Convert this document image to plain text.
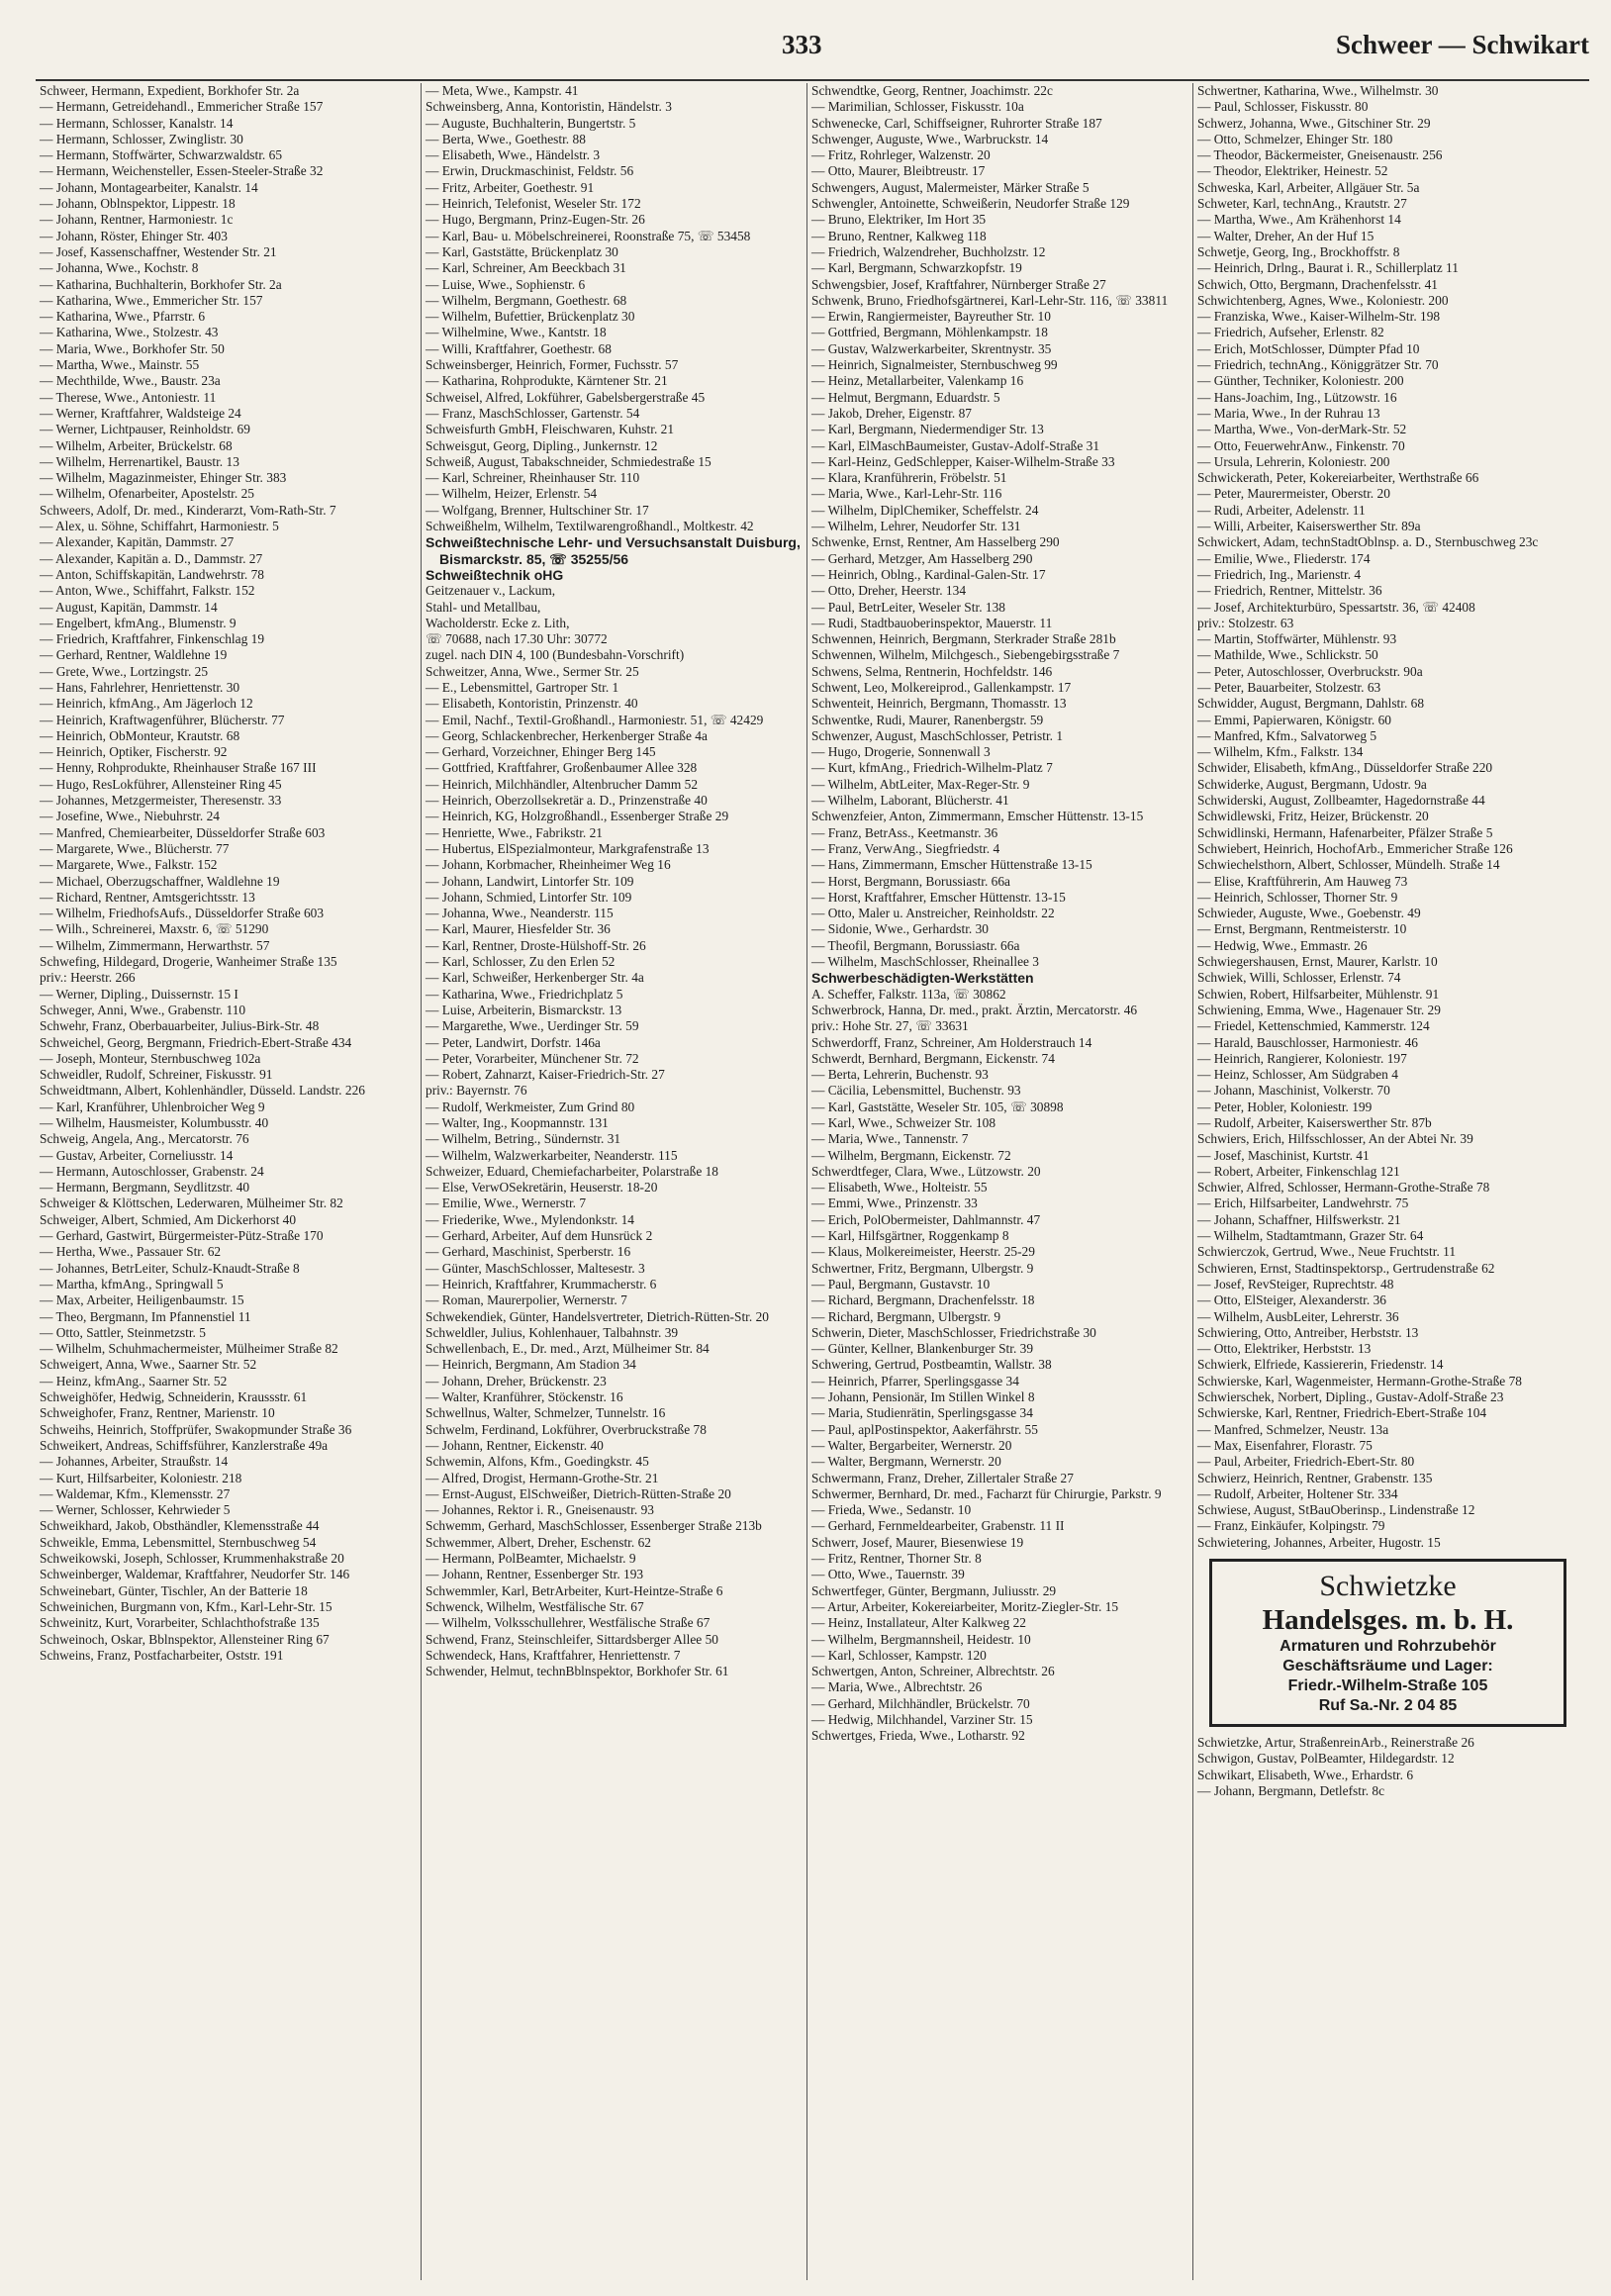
333	Schweer — Schwikart
Schweer, Hermann, Expedient, Borkhofer Str. 2a
— Hermann, Getreidehandl., Emmericher Straße 157
— Hermann, Schlosser, Kanalstr. 14
— Hermann, Schlosser, Zwinglistr. 30
— Hermann, Stoffwärter, Schwarzwaldstr. 65
— Hermann, Weichensteller, Essen-Steeler-Straße 32
— Johann, Montagearbeiter, Kanalstr. 14
— Johann, Oblnspektor, Lippestr. 18
— Johann, Rentner, Harmoniestr. 1c
— Johann, Röster, Ehinger Str. 403
— Josef, Kassenschaffner, Westender Str. 21
— Johanna, Wwe., Kochstr. 8
— Katharina, Buchhalterin, Borkhofer Str. 2a
— Katharina, Wwe., Emmericher Str. 157
— Katharina, Wwe., Pfarrstr. 6
— Katharina, Wwe., Stolzestr. 43
— Maria, Wwe., Borkhofer Str. 50
— Martha, Wwe., Mainstr. 55
— Mechthilde, Wwe., Baustr. 23a
— Therese, Wwe., Antoniestr. 11
— Werner, Kraftfahrer, Waldsteige 24
— Werner, Lichtpauser, Reinholdstr. 69
— Wilhelm, Arbeiter, Brückelstr. 68
— Wilhelm, Herrenartikel, Baustr. 13
— Wilhelm, Magazinmeister, Ehinger Str. 383
— Wilhelm, Ofenarbeiter, Apostelstr. 25
Schweers, Adolf, Dr. med., Kinderarzt, Vom-Rath-Str. 7
— Alex, u. Söhne, Schiffahrt, Harmoniestr. 5
— Alexander, Kapitän, Dammstr. 27
— Alexander, Kapitän a. D., Dammstr. 27
— Anton, Schiffskapitän, Landwehrstr. 78
— Anton, Wwe., Schiffahrt, Falkstr. 152
— August, Kapitän, Dammstr. 14
— Engelbert, kfmAng., Blumenstr. 9
— Friedrich, Kraftfahrer, Finkenschlag 19
— Gerhard, Rentner, Waldlehne 19
— Grete, Wwe., Lortzingstr. 25
— Hans, Fahrlehrer, Henriettenstr. 30
— Heinrich, kfmAng., Am Jägerloch 12
— Heinrich, Kraftwagenführer, Blücherstr. 77
— Heinrich, ObMonteur, Krautstr. 68
— Heinrich, Optiker, Fischerstr. 92
— Henny, Rohprodukte, Rheinhauser Straße 167 III
— Hugo, ResLokführer, Allensteiner Ring 45
— Johannes, Metzgermeister, Theresenstr. 33
— Josefine, Wwe., Niebuhrstr. 24
— Manfred, Chemiearbeiter, Düsseldorfer Straße 603
— Margarete, Wwe., Blücherstr. 77
— Margarete, Wwe., Falkstr. 152
— Michael, Oberzugschaffner, Waldlehne 19
— Richard, Rentner, Amtsgerichtsstr. 13
— Wilhelm, FriedhofsAufs., Düsseldorfer Straße 603
— Wilh., Schreinerei, Maxstr. 6, ☏ 51290
— Wilhelm, Zimmermann, Herwarthstr. 57
Schwefing, Hildegard, Drogerie, Wanheimer Straße 135
priv.: Heerstr. 266
— Werner, Dipling., Duissernstr. 15 I
Schweger, Anni, Wwe., Grabenstr. 110
Schwehr, Franz, Oberbauarbeiter, Julius-Birk-Str. 48
Schweichel, Georg, Bergmann, Friedrich-Ebert-Straße 434
— Joseph, Monteur, Sternbuschweg 102a
Schweidler, Rudolf, Schreiner, Fiskusstr. 91
Schweidtmann, Albert, Kohlenhändler, Düsseld. Landstr. 226
— Karl, Kranführer, Uhlenbroicher Weg 9
— Wilhelm, Hausmeister, Kolumbusstr. 40
Schweig, Angela, Ang., Mercatorstr. 76
— Gustav, Arbeiter, Corneliusstr. 14
— Hermann, Autoschlosser, Grabenstr. 24
— Hermann, Bergmann, Seydlitzstr. 40
Schweiger & Klöttschen, Lederwaren, Mülheimer Str. 82
Schweiger, Albert, Schmied, Am Dickerhorst 40
— Gerhard, Gastwirt, Bürgermeister-Pütz-Straße 170
— Hertha, Wwe., Passauer Str. 62
— Johannes, BetrLeiter, Schulz-Knaudt-Straße 8
— Martha, kfmAng., Springwall 5
— Max, Arbeiter, Heiligenbaumstr. 15
— Theo, Bergmann, Im Pfannenstiel 11
— Otto, Sattler, Steinmetzstr. 5
— Wilhelm, Schuhmachermeister, Mülheimer Straße 82
Schweigert, Anna, Wwe., Saarner Str. 52
— Heinz, kfmAng., Saarner Str. 52
Schweighöfer, Hedwig, Schneiderin, Kraussstr. 61
Schweighofer, Franz, Rentner, Marienstr. 10
Schweihs, Heinrich, Stoffprüfer, Swakopmunder Straße 36
Schweikert, Andreas, Schiffsführer, Kanzlerstraße 49a
— Johannes, Arbeiter, Straußstr. 14
— Kurt, Hilfsarbeiter, Koloniestr. 218
— Waldemar, Kfm., Klemensstr. 27
— Werner, Schlosser, Kehrwieder 5
Schweikhard, Jakob, Obsthändler, Klemensstraße 44
Schweikle, Emma, Lebensmittel, Sternbuschweg 54
Schweikowski, Joseph, Schlosser, Krummenhakstraße 20
Schweinberger, Waldemar, Kraftfahrer, Neudorfer Str. 146
Schweinebart, Günter, Tischler, An der Batterie 18
Schweinichen, Burgmann von, Kfm., Karl-Lehr-Str. 15
Schweinitz, Kurt, Vorarbeiter, Schlachthofstraße 135
Schweinoch, Oskar, Bblnspektor, Allensteiner Ring 67
Schweins, Franz, Postfacharbeiter, Oststr. 191
— Meta, Wwe., Kampstr. 41
Schweinsberg, Anna, Kontoristin, Händelstr. 3
— Auguste, Buchhalterin, Bungertstr. 5
— Berta, Wwe., Goethestr. 88
— Elisabeth, Wwe., Händelstr. 3
— Erwin, Druckmaschinist, Feldstr. 56
— Fritz, Arbeiter, Goethestr. 91
— Heinrich, Telefonist, Weseler Str. 172
— Hugo, Bergmann, Prinz-Eugen-Str. 26
— Karl, Bau- u. Möbelschreinerei, Roonstraße 75, ☏ 53458
— Karl, Gaststätte, Brückenplatz 30
— Karl, Schreiner, Am Beeckbach 31
— Luise, Wwe., Sophienstr. 6
— Wilhelm, Bergmann, Goethestr. 68
— Wilhelm, Bufettier, Brückenplatz 30
— Wilhelmine, Wwe., Kantstr. 18
— Willi, Kraftfahrer, Goethestr. 68
Schweinsberger, Heinrich, Former, Fuchsstr. 57
— Katharina, Rohprodukte, Kärntener Str. 21
Schweisel, Alfred, Lokführer, Gabelsbergerstraße 45
— Franz, MaschSchlosser, Gartenstr. 54
Schweisfurth GmbH, Fleischwaren, Kuhstr. 21
Schweisgut, Georg, Dipling., Junkernstr. 12
Schweiß, August, Tabakschneider, Schmiedestraße 15
— Karl, Schreiner, Rheinhauser Str. 110
— Wilhelm, Heizer, Erlenstr. 54
— Wolfgang, Brenner, Hultschiner Str. 17
Schweißhelm, Wilhelm, Textilwarengroßhandl., Moltkestr. 42
Schweißtechnische Lehr- und Versuchsanstalt Duisburg, Bismarckstr. 85, ☏ 35255/56
Schweißtechnik oHG
Geitzenauer v., Lackum,
Stahl- und Metallbau,
Wacholderstr. Ecke z. Lith,
☏ 70688, nach 17.30 Uhr: 30772
zugel. nach DIN 4, 100 (Bundesbahn-Vorschrift)
Schweitzer, Anna, Wwe., Sermer Str. 25
— E., Lebensmittel, Gartroper Str. 1
— Elisabeth, Kontoristin, Prinzenstr. 40
— Emil, Nachf., Textil-Großhandl., Harmoniestr. 51, ☏ 42429
— Georg, Schlackenbrecher, Herkenberger Straße 4a
— Gerhard, Vorzeichner, Ehinger Berg 145
— Gottfried, Kraftfahrer, Großenbaumer Allee 328
— Heinrich, Milchhändler, Altenbrucher Damm 52
— Heinrich, Oberzollsekretär a. D., Prinzenstraße 40
— Heinrich, KG, Holzgroßhandl., Essenberger Straße 29
— Henriette, Wwe., Fabrikstr. 21
— Hubertus, ElSpezialmonteur, Markgrafenstraße 13
— Johann, Korbmacher, Rheinheimer Weg 16
— Johann, Landwirt, Lintorfer Str. 109
— Johann, Schmied, Lintorfer Str. 109
— Johanna, Wwe., Neanderstr. 115
— Karl, Maurer, Hiesfelder Str. 36
— Karl, Rentner, Droste-Hülshoff-Str. 26
— Karl, Schlosser, Zu den Erlen 52
— Karl, Schweißer, Herkenberger Str. 4a
— Katharina, Wwe., Friedrichplatz 5
— Luise, Arbeiterin, Bismarckstr. 13
— Margarethe, Wwe., Uerdinger Str. 59
— Peter, Landwirt, Dorfstr. 146a
— Peter, Vorarbeiter, Münchener Str. 72
— Robert, Zahnarzt, Kaiser-Friedrich-Str. 27
priv.: Bayernstr. 76
— Rudolf, Werkmeister, Zum Grind 80
— Walter, Ing., Koopmannstr. 131
— Wilhelm, Betring., Sündernstr. 31
— Wilhelm, Walzwerkarbeiter, Neanderstr. 115
Schweizer, Eduard, Chemiefacharbeiter, Polarstraße 18
— Else, VerwOSekretärin, Heuserstr. 18-20
— Emilie, Wwe., Wernerstr. 7
— Friederike, Wwe., Mylendonkstr. 14
— Gerhard, Arbeiter, Auf dem Hunsrück 2
— Gerhard, Maschinist, Sperberstr. 16
— Günter, MaschSchlosser, Maltesestr. 3
— Heinrich, Kraftfahrer, Krummacherstr. 6
— Roman, Maurerpolier, Wernerstr. 7
Schwekendiek, Günter, Handelsvertreter, Dietrich-Rütten-Str. 20
Schweldler, Julius, Kohlenhauer, Talbahnstr. 39
Schwellenbach, E., Dr. med., Arzt, Mülheimer Str. 84
— Heinrich, Bergmann, Am Stadion 34
— Johann, Dreher, Brückenstr. 23
— Walter, Kranführer, Stöckenstr. 16
Schwellnus, Walter, Schmelzer, Tunnelstr. 16
Schwelm, Ferdinand, Lokführer, Overbruckstraße 78
— Johann, Rentner, Eickenstr. 40
Schwemin, Alfons, Kfm., Goedingkstr. 45
— Alfred, Drogist, Hermann-Grothe-Str. 21
— Ernst-August, ElSchweißer, Dietrich-Rütten-Straße 20
— Johannes, Rektor i. R., Gneisenaustr. 93
Schwemm, Gerhard, MaschSchlosser, Essenberger Straße 213b
Schwemmer, Albert, Dreher, Eschenstr. 62
— Hermann, PolBeamter, Michaelstr. 9
— Johann, Rentner, Essenberger Str. 193
Schwemmler, Karl, BetrArbeiter, Kurt-Heintze-Straße 6
Schwenck, Wilhelm, Westfälische Str. 67
— Wilhelm, Volksschullehrer, Westfälische Straße 67
Schwend, Franz, Steinschleifer, Sittardsberger Allee 50
Schwendeck, Hans, Kraftfahrer, Henriettenstr. 7
Schwender, Helmut, technBblnspektor, Borkhofer Str. 61
Schwendtke, Georg, Rentner, Joachimstr. 22c
— Marimilian, Schlosser, Fiskusstr. 10a
Schwenecke, Carl, Schiffseigner, Ruhrorter Straße 187
Schwenger, Auguste, Wwe., Warbruckstr. 14
— Fritz, Rohrleger, Walzenstr. 20
— Otto, Maurer, Bleibtreustr. 17
Schwengers, August, Malermeister, Märker Straße 5
Schwengler, Antoinette, Schweißerin, Neudorfer Straße 129
— Bruno, Elektriker, Im Hort 35
— Bruno, Rentner, Kalkweg 118
— Friedrich, Walzendreher, Buchholzstr. 12
— Karl, Bergmann, Schwarzkopfstr. 19
Schwengsbier, Josef, Kraftfahrer, Nürnberger Straße 27
Schwenk, Bruno, Friedhofsgärtnerei, Karl-Lehr-Str. 116, ☏ 33811
— Erwin, Rangiermeister, Bayreuther Str. 10
— Gottfried, Bergmann, Möhlenkampstr. 18
— Gustav, Walzwerkarbeiter, Skrentnystr. 35
— Heinrich, Signalmeister, Sternbuschweg 99
— Heinz, Metallarbeiter, Valenkamp 16
— Helmut, Bergmann, Eduardstr. 5
— Jakob, Dreher, Eigenstr. 87
— Karl, Bergmann, Niedermendiger Str. 13
— Karl, ElMaschBaumeister, Gustav-Adolf-Straße 31
— Karl-Heinz, GedSchlepper, Kaiser-Wilhelm-Straße 33
— Klara, Kranführerin, Fröbelstr. 51
— Maria, Wwe., Karl-Lehr-Str. 116
— Wilhelm, DiplChemiker, Scheffelstr. 24
— Wilhelm, Lehrer, Neudorfer Str. 131
Schwenke, Ernst, Rentner, Am Hasselberg 290
— Gerhard, Metzger, Am Hasselberg 290
— Heinrich, Oblng., Kardinal-Galen-Str. 17
— Otto, Dreher, Heerstr. 134
— Paul, BetrLeiter, Weseler Str. 138
— Rudi, Stadtbauoberinspektor, Mauerstr. 11
Schwennen, Heinrich, Bergmann, Sterkrader Straße 281b
Schwennen, Wilhelm, Milchgesch., Siebengebirgsstraße 7
Schwens, Selma, Rentnerin, Hochfeldstr. 146
Schwent, Leo, Molkereiprod., Gallenkampstr. 17
Schwenteit, Heinrich, Bergmann, Thomasstr. 13
Schwentke, Rudi, Maurer, Ranenbergstr. 59
Schwenzer, August, MaschSchlosser, Petristr. 1
— Hugo, Drogerie, Sonnenwall 3
— Kurt, kfmAng., Friedrich-Wilhelm-Platz 7
— Wilhelm, AbtLeiter, Max-Reger-Str. 9
— Wilhelm, Laborant, Blücherstr. 41
Schwenzfeier, Anton, Zimmermann, Emscher Hüttenstr. 13-15
— Franz, BetrAss., Keetmanstr. 36
— Franz, VerwAng., Siegfriedstr. 4
— Hans, Zimmermann, Emscher Hüttenstraße 13-15
— Horst, Bergmann, Borussiastr. 66a
— Horst, Kraftfahrer, Emscher Hüttenstr. 13-15
— Otto, Maler u. Anstreicher, Reinholdstr. 22
— Sidonie, Wwe., Gerhardstr. 30
— Theofil, Bergmann, Borussiastr. 66a
— Wilhelm, MaschSchlosser, Rheinallee 3
Schwerbeschädigten-Werkstätten
A. Scheffer, Falkstr. 113a, ☏ 30862
Schwerbrock, Hanna, Dr. med., prakt. Ärztin, Mercatorstr. 46
priv.: Hohe Str. 27, ☏ 33631
Schwerdorff, Franz, Schreiner, Am Holderstrauch 14
Schwerdt, Bernhard, Bergmann, Eickenstr. 74
— Berta, Lehrerin, Buchenstr. 93
— Cäcilia, Lebensmittel, Buchenstr. 93
— Karl, Gaststätte, Weseler Str. 105, ☏ 30898
— Karl, Wwe., Schweizer Str. 108
— Maria, Wwe., Tannenstr. 7
— Wilhelm, Bergmann, Eickenstr. 72
Schwerdtfeger, Clara, Wwe., Lützowstr. 20
— Elisabeth, Wwe., Holteistr. 55
— Emmi, Wwe., Prinzenstr. 33
— Erich, PolObermeister, Dahlmannstr. 47
— Karl, Hilfsgärtner, Roggenkamp 8
— Klaus, Molkereimeister, Heerstr. 25-29
Schwertner, Fritz, Bergmann, Ulbergstr. 9
— Paul, Bergmann, Gustavstr. 10
— Richard, Bergmann, Drachenfelsstr. 18
— Richard, Bergmann, Ulbergstr. 9
Schwerin, Dieter, MaschSchlosser, Friedrichstraße 30
— Günter, Kellner, Blankenburger Str. 39
Schwering, Gertrud, Postbeamtin, Wallstr. 38
— Heinrich, Pfarrer, Sperlingsgasse 34
— Johann, Pensionär, Im Stillen Winkel 8
— Maria, Studienrätin, Sperlingsgasse 34
— Paul, aplPostinspektor, Aakerfährstr. 55
— Walter, Bergarbeiter, Wernerstr. 20
— Walter, Bergmann, Wernerstr. 20
Schwermann, Franz, Dreher, Zillertaler Straße 27
Schwermer, Bernhard, Dr. med., Facharzt für Chirurgie, Parkstr. 9
— Frieda, Wwe., Sedanstr. 10
— Gerhard, Fernmeldearbeiter, Grabenstr. 11 II
Schwerr, Josef, Maurer, Biesenwiese 19
— Fritz, Rentner, Thorner Str. 8
— Otto, Wwe., Tauernstr. 39
Schwertfeger, Günter, Bergmann, Juliusstr. 29
— Artur, Arbeiter, Kokereiarbeiter, Moritz-Ziegler-Str. 15
— Heinz, Installateur, Alter Kalkweg 22
— Wilhelm, Bergmannsheil, Heidestr. 10
— Karl, Schlosser, Kampstr. 120
Schwertgen, Anton, Schreiner, Albrechtstr. 26
— Maria, Wwe., Albrechtstr. 26
— Gerhard, Milchhändler, Brückelstr. 70
— Hedwig, Milchhandel, Varziner Str. 15
Schwertges, Frieda, Wwe., Lotharstr. 92
Schwertner, Katharina, Wwe., Wilhelmstr. 30
— Paul, Schlosser, Fiskusstr. 80
Schwerz, Johanna, Wwe., Gitschiner Str. 29
— Otto, Schmelzer, Ehinger Str. 180
— Theodor, Bäckermeister, Gneisenaustr. 256
— Theodor, Elektriker, Heinestr. 52
Schweska, Karl, Arbeiter, Allgäuer Str. 5a
Schweter, Karl, technAng., Krautstr. 27
— Martha, Wwe., Am Krähenhorst 14
— Walter, Dreher, An der Huf 15
Schwetje, Georg, Ing., Brockhoffstr. 8
— Heinrich, Drlng., Baurat i. R., Schillerplatz 11
Schwich, Otto, Bergmann, Drachenfelsstr. 41
Schwichtenberg, Agnes, Wwe., Koloniestr. 200
— Franziska, Wwe., Kaiser-Wilhelm-Str. 198
— Friedrich, Aufseher, Erlenstr. 82
— Erich, MotSchlosser, Dümpter Pfad 10
— Friedrich, technAng., Königgrätzer Str. 70
— Günther, Techniker, Koloniestr. 200
— Hans-Joachim, Ing., Lützowstr. 16
— Maria, Wwe., In der Ruhrau 13
— Martha, Wwe., Von-derMark-Str. 52
— Otto, FeuerwehrAnw., Finkenstr. 70
— Ursula, Lehrerin, Koloniestr. 200
Schwickerath, Peter, Kokereiarbeiter, Werthstraße 66
— Peter, Maurermeister, Oberstr. 20
— Rudi, Arbeiter, Adelenstr. 11
— Willi, Arbeiter, Kaiserswerther Str. 89a
Schwickert, Adam, technStadtOblnsp. a. D., Sternbuschweg 23c
— Emilie, Wwe., Fliederstr. 174
— Friedrich, Ing., Marienstr. 4
— Friedrich, Rentner, Mittelstr. 36
— Josef, Architekturbüro, Spessartstr. 36, ☏ 42408
priv.: Stolzestr. 63
— Martin, Stoffwärter, Mühlenstr. 93
— Mathilde, Wwe., Schlickstr. 50
— Peter, Autoschlosser, Overbruckstr. 90a
— Peter, Bauarbeiter, Stolzestr. 63
Schwidder, August, Bergmann, Dahlstr. 68
— Emmi, Papierwaren, Königstr. 60
— Manfred, Kfm., Salvatorweg 5
— Wilhelm, Kfm., Falkstr. 134
Schwider, Elisabeth, kfmAng., Düsseldorfer Straße 220
Schwiderke, August, Bergmann, Udostr. 9a
Schwiderski, August, Zollbeamter, Hagedornstraße 44
Schwidlewski, Fritz, Heizer, Brückenstr. 20
Schwidlinski, Hermann, Hafenarbeiter, Pfälzer Straße 5
Schwiebert, Heinrich, HochofArb., Emmericher Straße 126
Schwiechelsthorn, Albert, Schlosser, Mündelh. Straße 14
— Elise, Kraftführerin, Am Hauweg 73
— Heinrich, Schlosser, Thorner Str. 9
Schwieder, Auguste, Wwe., Goebenstr. 49
— Ernst, Bergmann, Rentmeisterstr. 10
— Hedwig, Wwe., Emmastr. 26
Schwiegershausen, Ernst, Maurer, Karlstr. 10
Schwiek, Willi, Schlosser, Erlenstr. 74
Schwien, Robert, Hilfsarbeiter, Mühlenstr. 91
Schwiening, Emma, Wwe., Hagenauer Str. 29
— Friedel, Kettenschmied, Kammerstr. 124
— Harald, Bauschlosser, Harmoniestr. 46
— Heinrich, Rangierer, Koloniestr. 197
— Heinz, Schlosser, Am Südgraben 4
— Johann, Maschinist, Volkerstr. 70
— Peter, Hobler, Koloniestr. 199
— Rudolf, Arbeiter, Kaiserswerther Str. 87b
Schwiers, Erich, Hilfsschlosser, An der Abtei Nr. 39
— Josef, Maschinist, Kurtstr. 41
— Robert, Arbeiter, Finkenschlag 121
Schwier, Alfred, Schlosser, Hermann-Grothe-Straße 78
— Erich, Hilfsarbeiter, Landwehrstr. 75
— Johann, Schaffner, Hilfswerkstr. 21
— Wilhelm, Stadtamtmann, Grazer Str. 64
Schwierczok, Gertrud, Wwe., Neue Fruchtstr. 11
Schwieren, Ernst, Stadtinspektorsp., Gertrudenstraße 62
— Josef, RevSteiger, Ruprechtstr. 48
— Otto, ElSteiger, Alexanderstr. 36
— Wilhelm, AusbLeiter, Lehrerstr. 36
Schwiering, Otto, Antreiber, Herbststr. 13
— Otto, Elektriker, Herbststr. 13
Schwierk, Elfriede, Kassiererin, Friedenstr. 14
Schwierske, Karl, Wagenmeister, Hermann-Grothe-Straße 78
Schwierschek, Norbert, Dipling., Gustav-Adolf-Straße 23
Schwierske, Karl, Rentner, Friedrich-Ebert-Straße 104
— Manfred, Schmelzer, Neustr. 13a
— Max, Eisenfahrer, Florastr. 75
— Paul, Arbeiter, Friedrich-Ebert-Str. 80
Schwierz, Heinrich, Rentner, Grabenstr. 135
— Rudolf, Arbeiter, Holtener Str. 334
Schwiese, August, StBauOberinsp., Lindenstraße 12
— Franz, Einkäufer, Kolpingstr. 79
Schwietering, Johannes, Arbeiter, Hugostr. 15
Schwietzke
Handelsges. m. b. H.
Armaturen und Rohrzubehör
Geschäftsräume und Lager:
Friedr.-Wilhelm-Straße 105
Ruf Sa.-Nr. 2 04 85
Schwietzke, Artur, StraßenreinArb., Reinerstraße 26
Schwigon, Gustav, PolBeamter, Hildegardstr. 12
Schwikart, Elisabeth, Wwe., Erhardstr. 6
— Johann, Bergmann, Detlefstr. 8c
